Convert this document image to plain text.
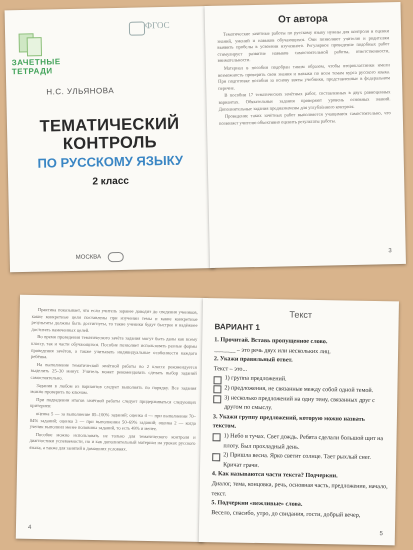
ЗАЧЕТНЫЕ
ТЕТРАДИ
ФГОС
Н.С. УЛЬЯНОВА
ТЕМАТИЧЕСКИЙ
КОНТРОЛЬ
ПО РУССКОМУ ЯЗЫКУ
2 класс
МОСКВА
От автора

Тематические зачётные работы по русскому языку нужны для контроля и оценки знаний, умений и навыков обучающихся. Они позволяют учителю и родителям выявить пробелы в усвоении изученного. Регулярное проведение подобных работ стимулирует развитие навыков самостоятельной работы, ответственности, внимательности.

Материал в пособии подобран таким образом, чтобы второклассники имели возможность проверить свои знания и навыки по всем темам курса русского языка. При подготовке пособия за основу взяты учебники, представленные в федеральном перечне.

В пособии 17 тематических зачётных работ, составленных в двух равноценных вариантах. Обязательные задания проверяют уровень основных знаний. Дополнительные задания предназначены для углублённого контроля.

Проведение таких зачётных работ выполняется учащимися самостоятельно, что позволяет учителю объективно оценить результаты работы.

3

Практика показывает, что если учитель заранее доводит до сведения учеников, какие конкретные цели поставлены при изучении темы и какие конкретные результаты должны быть достигнуты, то такие ученики будут быстрее и надёжнее достигать намеченных целей.

Во время проведения тематического зачёта задания могут быть даны как всему классу, так и части обучающихся. Пособие позволяет использовать разные формы проведения зачётов, а также учитывать индивидуальные особенности каждого ребёнка.

На выполнение тематической зачётной работы во 2 классе рекомендуется выделить 25–30 минут. Учитель может рекомендовать сделать выбор заданий самостоятельно.

Задания в любом из вариантов следует выполнять по порядку. Все задания можно проверить по ключам.

При подведении итогов зачётной работы следует придерживаться следующих критериев:

оценка 5 — за выполнение 85–100% заданий; оценка 4 — при выполнении 70–84% заданий; оценка 3 — при выполнении 50–69% заданий; оценка 2 — когда ученик выполнил менее половины заданий, то есть 49% и менее.

Пособие можно использовать не только для тематического контроля и диагностики успеваемости, но и как дополнительный материал на уроках русского языка, а также для занятий в домашних условиях.

4
Текст
ВАРИАНТ 1
1. Прочитай. Вставь пропущенное слово.
_______ – это речь двух или нескольких лиц.
2. Укажи правильный ответ.
Текст – это...
1) группа предложений.
2) предложения, не связанные между собой одной темой.
3) несколько предложений на одну тему, связанных друг с другом по смыслу.
3. Укажи группу предложений, которую можно назвать текстом.
1) Небо в тучах. Свет дождь. Ребята сделали большой щит на плоту. Был прохладный день.
2) Пришла весна. Ярко светит солнце. Тает рыхлый снег. Кричат грачи.
4. Как называются части текста? Подчеркни.
Диалог, тема, концовка, речь, основная часть, предложение, начало, текст.
5. Подчеркни «вежливые» слова.
Весело, спасибо, утро, до свидания, гости, добрый вечер,
5
